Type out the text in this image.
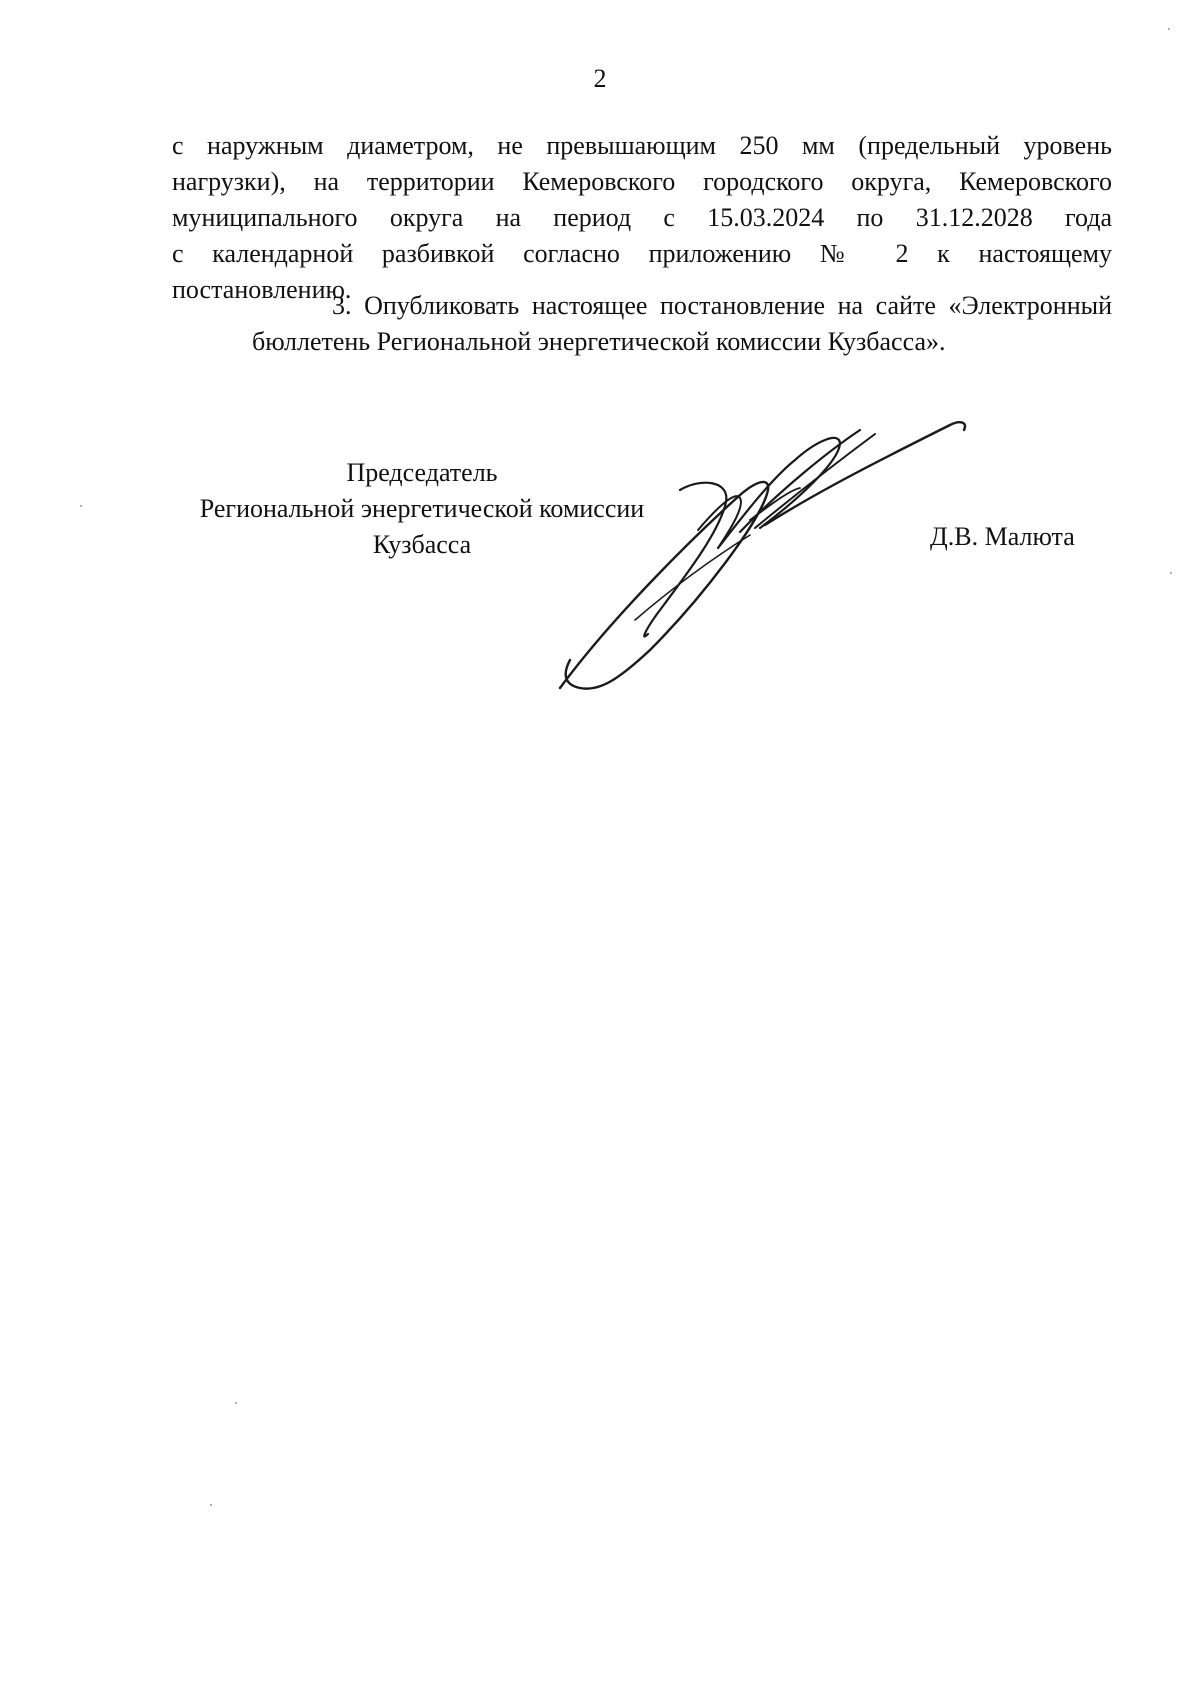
2
с наружным диаметром, не превышающим 250 мм (предельный уровень
нагрузки), на территории Кемеровского городского округа, Кемеровского
муниципального округа на период с 15.03.2024 по 31.12.2028 года
с календарной разбивкой согласно приложению № 2 к настоящему
постановлению.
3. Опубликовать настоящее постановление на сайте «Электронный
бюллетень Региональной энергетической комиссии Кузбасса».
Председатель
Региональной энергетической комиссии
Кузбасса	Д.В. Малюта
